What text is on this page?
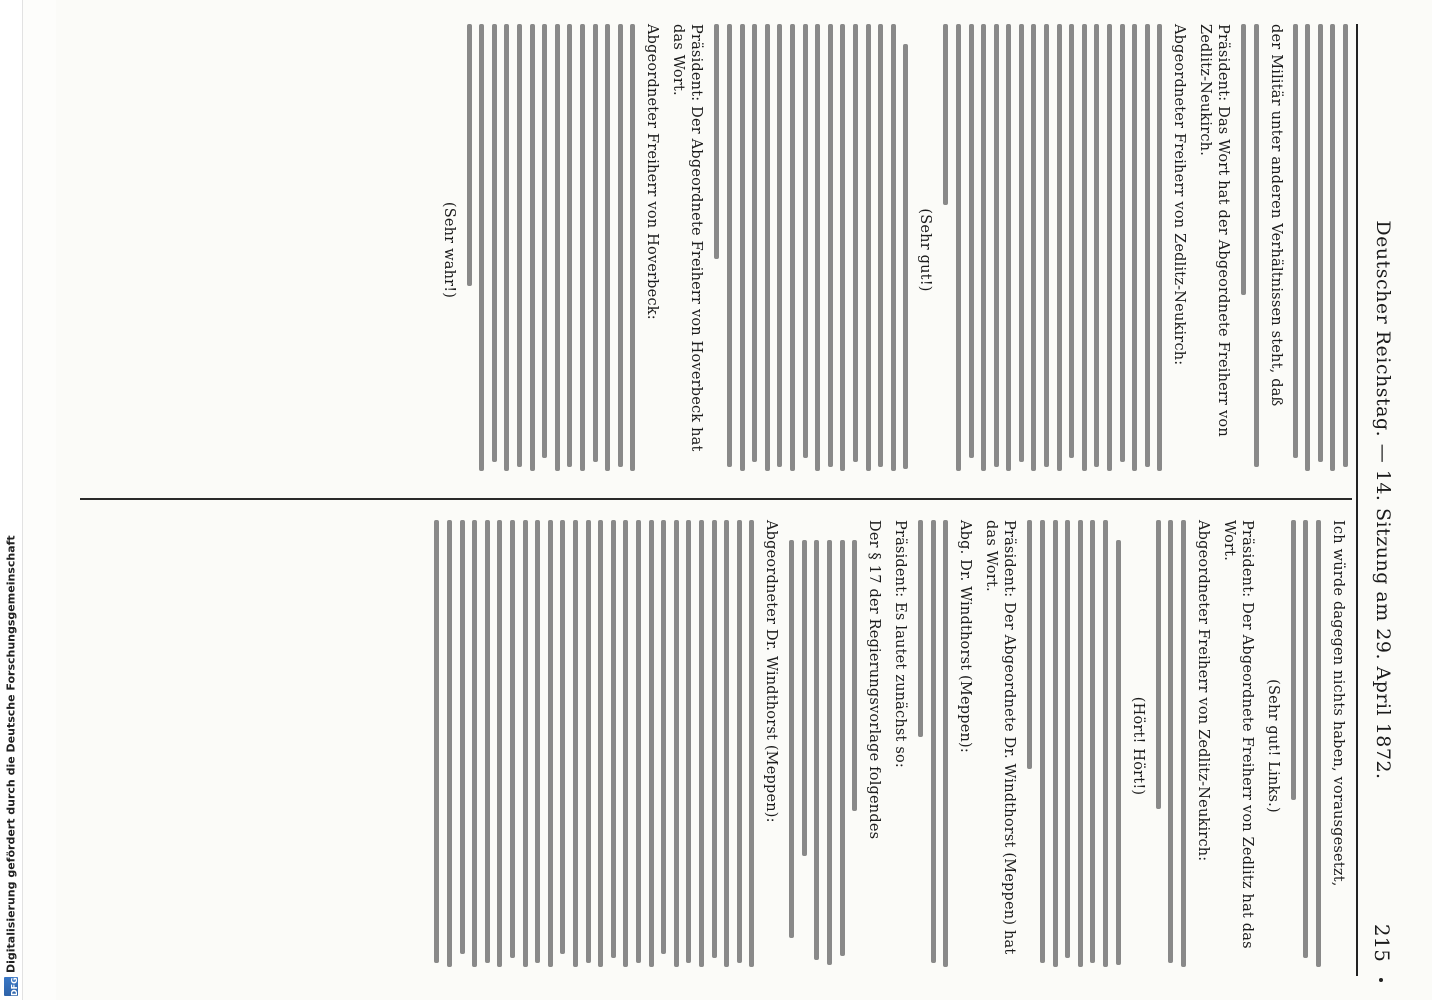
DFG
Digitalisierung gefördert durch die Deutsche Forschungsgemeinschaft	Deutscher Reichstag. — 14. Sitzung am 29. April 1872.
215
der Militär unter anderen Verhältnissen steht, daß
Präsident: Das Wort hat der Abgeordnete Freiherr von Zedlitz-Neukirch.
Abgeordneter Freiherr von Zedlitz-Neukirch:
(Sehr gut!)
Präsident: Der Abgeordnete Freiherr von Hoverbeck hat das Wort.
Abgeordneter Freiherr von Hoverbeck:
(Sehr wahr!)
Ich würde dagegen nichts haben, vorausgesetzt,
(Sehr gut! Links.)
Präsident: Der Abgeordnete Freiherr von Zedlitz hat das Wort.
Abgeordneter Freiherr von Zedlitz-Neukirch:
(Hört! Hört!)
Präsident: Der Abgeordnete Dr. Windthorst (Meppen) hat das Wort.
Abg. Dr. Windthorst (Meppen):
Präsident: Es lautet zunächst so:
Der § 17 der Regierungsvorlage folgendes
Abgeordneter Dr. Windthorst (Meppen):
